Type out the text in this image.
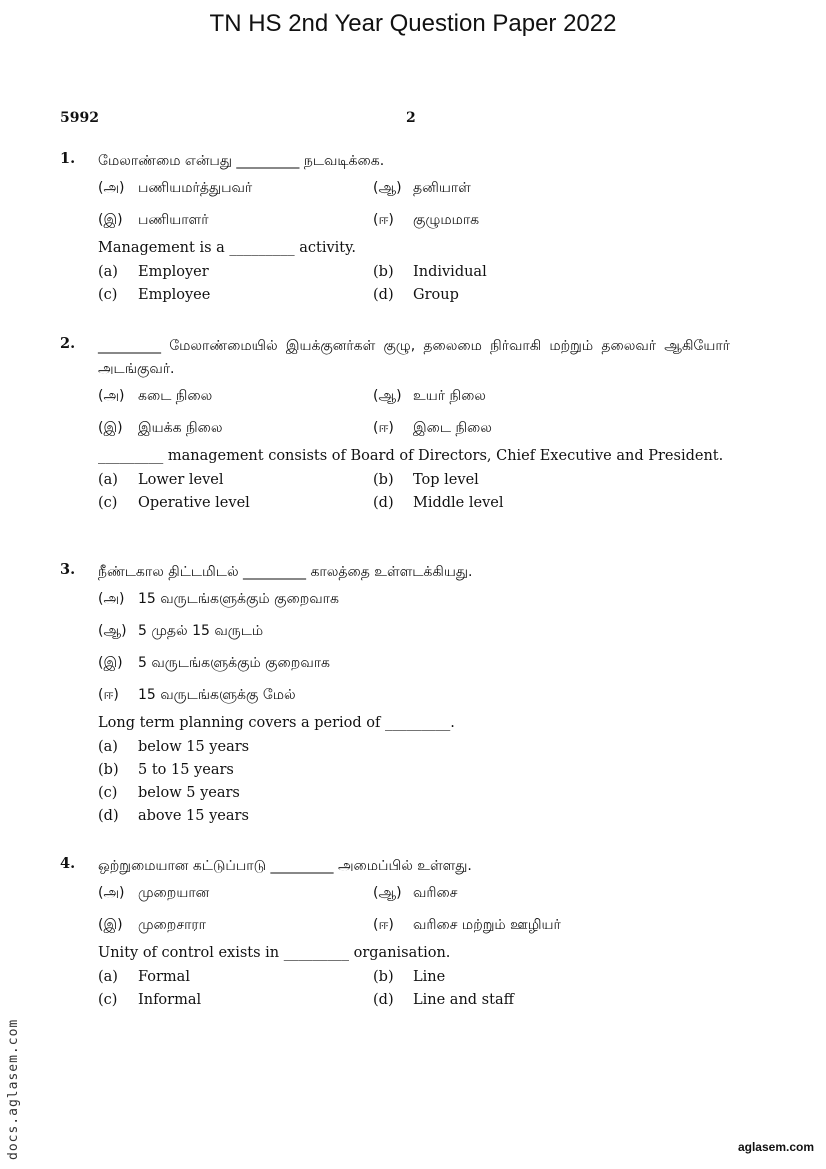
TN HS 2nd Year Question Paper 2022
5992	2
1. மேலாண்மை என்பது _________ நடவடிக்கை.
(அ) பணியமர்த்துபவர்	(ஆ) தனியாள்
(இ)	பணியாளர்	(ஈ)	குழுமமாக
Management is a _________ activity.
(a)	Employer	(b)	Individual
(c)	Employee	(d)	Group
2. _________ மேலாண்மையில் இயக்குனர்கள் குழு, தலைமை நிர்வாகி மற்றும் தலைவர் ஆகியோர் அடங்குவர்.
(அ) கடை நிலை	(ஆ) உயர் நிலை
(இ)	இயக்க நிலை	(ஈ)	இடை நிலை
_________ management consists of Board of Directors, Chief Executive and President.
(a)	Lower level	(b)	Top level
(c)	Operative level	(d)	Middle level
3. நீண்டகால திட்டமிடல் _________ காலத்தை உள்ளடக்கியது.
(அ) 15 வருடங்களுக்கும் குறைவாக
(ஆ) 5 முதல் 15 வருடம்
(இ)	5 வருடங்களுக்கும் குறைவாக
(ஈ)	15 வருடங்களுக்கு மேல்
Long term planning covers a period of _________.
(a)	below 15 years
(b)	5 to 15 years
(c)	below 5 years
(d)	above 15 years
4. ஒற்றுமையான கட்டுப்பாடு _________ அமைப்பில் உள்ளது.
(அ) முறையான	(ஆ) வரிசை
(இ)	முறைசாரா	(ஈ)	வரிசை மற்றும் ஊழியர்
Unity of control exists in _________ organisation.
(a)	Formal	(b)	Line
(c)	Informal	(d)	Line and staff
docs.aglasem.com	aglasem.com
